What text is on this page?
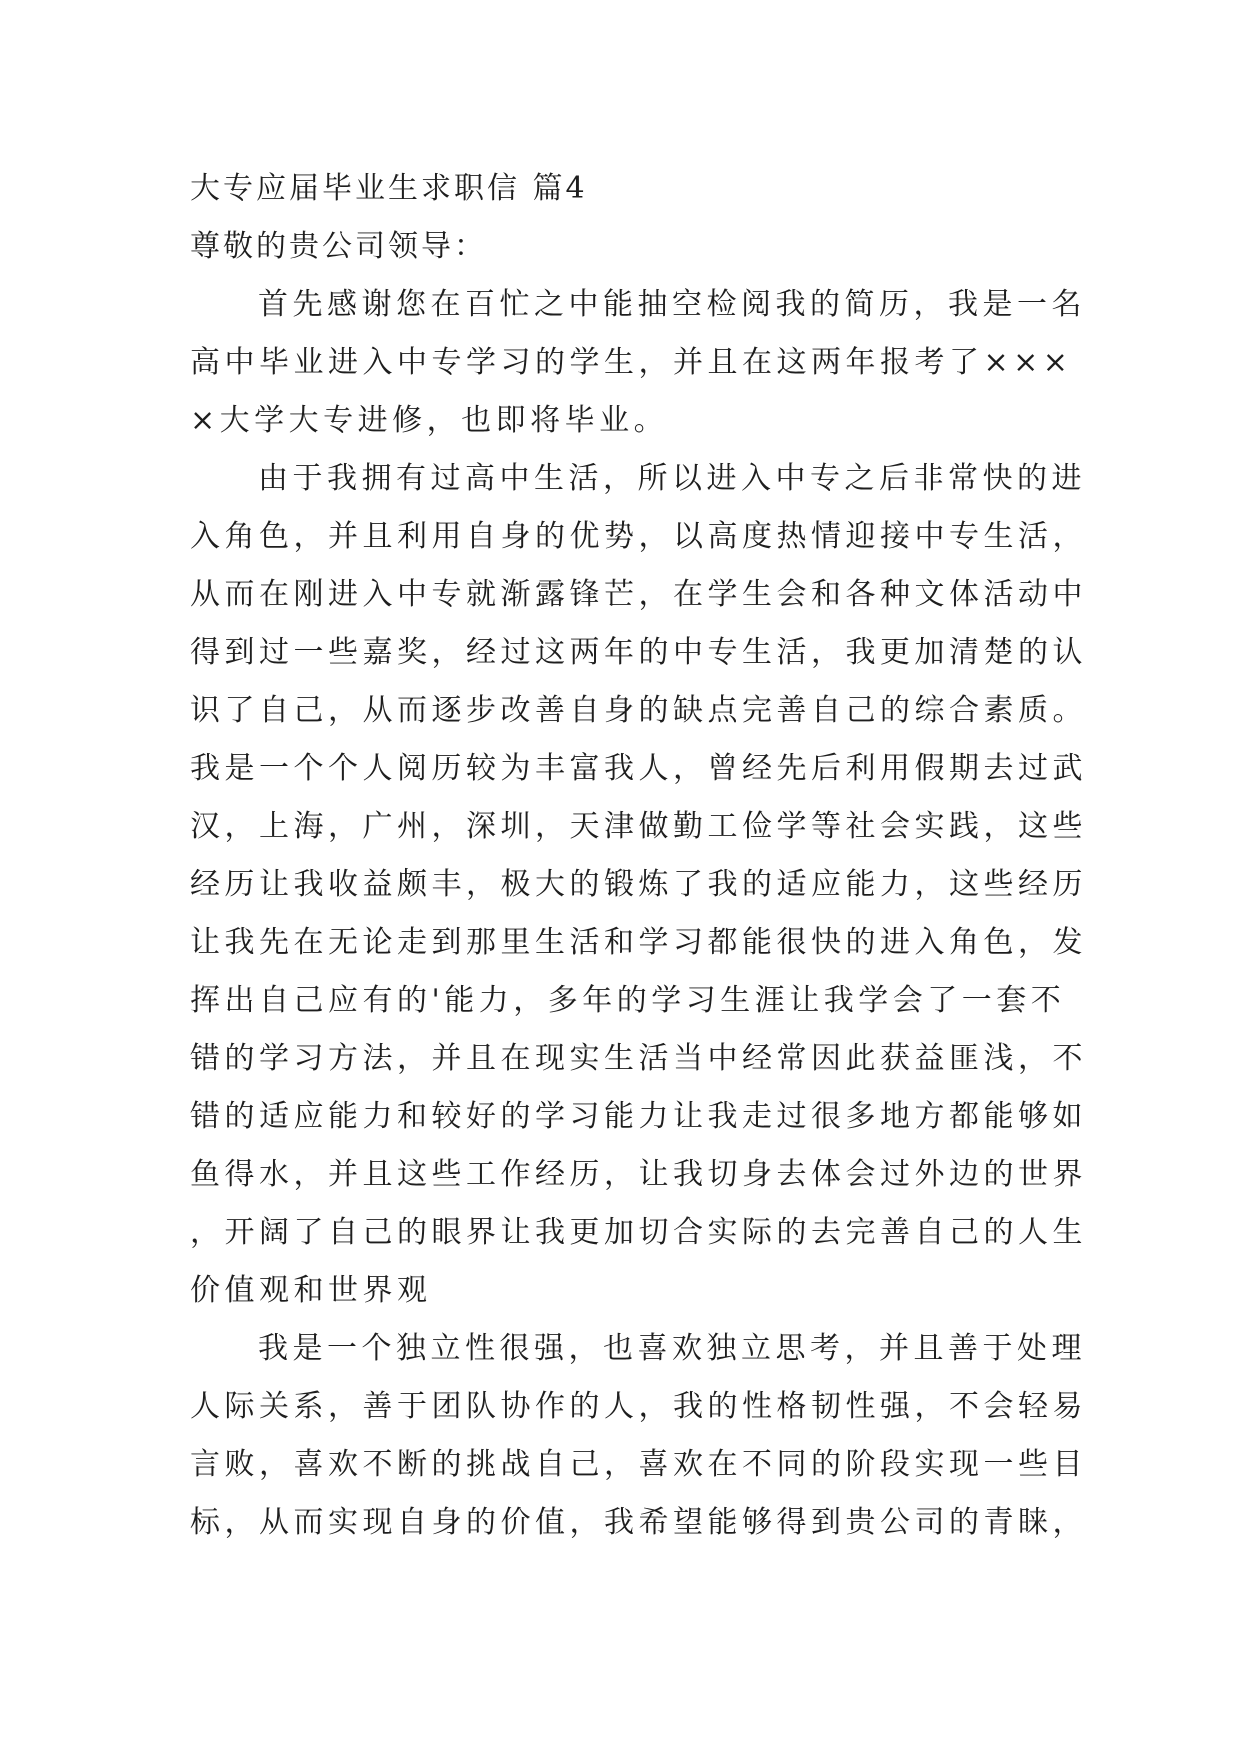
大专应届毕业生求职信 篇4

尊敬的贵公司领导：

首先感谢您在百忙之中能抽空检阅我的简历，我是一名高中毕业进入中专学习的学生，并且在这两年报考了××××大学大专进修，也即将毕业。

由于我拥有过高中生活，所以进入中专之后非常快的进入角色，并且利用自身的优势，以高度热情迎接中专生活，从而在刚进入中专就渐露锋芒，在学生会和各种文体活动中得到过一些嘉奖，经过这两年的中专生活，我更加清楚的认识了自己，从而逐步改善自身的缺点完善自己的综合素质。我是一个个人阅历较为丰富我人，曾经先后利用假期去过武汉，上海，广州，深圳，天津做勤工俭学等社会实践，这些经历让我收益颇丰，极大的锻炼了我的适应能力，这些经历让我先在无论走到那里生活和学习都能很快的进入角色，发挥出自己应有的'能力，多年的学习生涯让我学会了一套不错的学习方法，并且在现实生活当中经常因此获益匪浅，不错的适应能力和较好的学习能力让我走过很多地方都能够如鱼得水，并且这些工作经历，让我切身去体会过外边的世界，开阔了自己的眼界让我更加切合实际的去完善自己的人生价值观和世界观

我是一个独立性很强，也喜欢独立思考，并且善于处理人际关系，善于团队协作的人，我的性格韧性强，不会轻易言败，喜欢不断的挑战自己，喜欢在不同的阶段实现一些目标，从而实现自身的价值，我希望能够得到贵公司的青睐，
